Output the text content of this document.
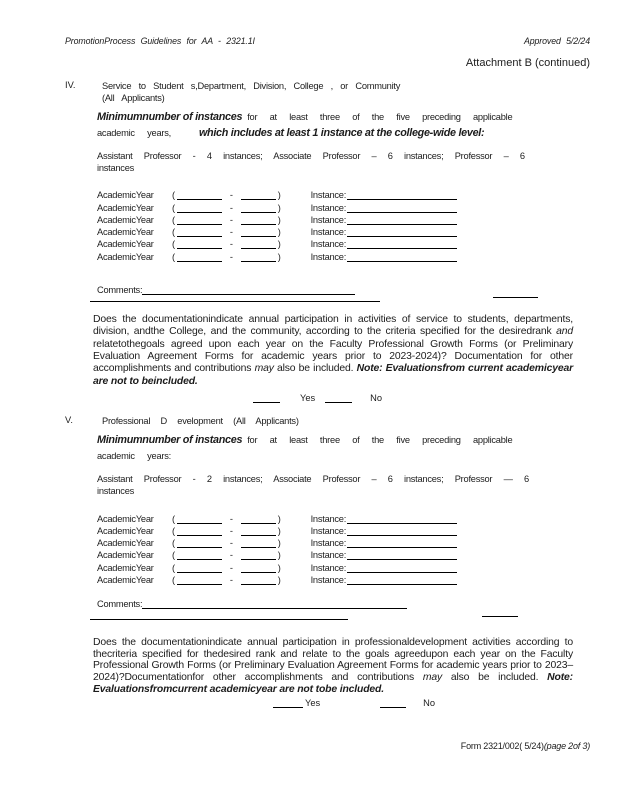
PromotionProcess Guidelines for AA - 2321.1I	Approved 5/2/24
Attachment B (continued)
IV.	Service to Student s,Department, Division, College , or Community
(All Applicants)
Minimumnumber of instances for at least three of the five preceding applicable
academic years,	which includes at least 1 instance at the college-wide level:
Assistant Professor - 4 instances; Associate Professor – 6 instances; Professor – 6
instances
AcademicYear	(	-	)	Instance:
AcademicYear	(	-	)	Instance:
AcademicYear	(	-	)	Instance:
AcademicYear	(	-	)	Instance:
AcademicYear	(	-	)	Instance:
AcademicYear	(	-	)	Instance:
Comments:
Does the documentationindicate annual participation in activities of service to students, departments, division, andthe College, and the community, according to the criteria specified for the desiredrank and relatetothegoals agreed upon each year on the Faculty Professional Growth Forms (or Preliminary Evaluation Agreement Forms for academic years prior to 2023-2024)? Documentation for other accomplishments and contributions may also be included. Note: Evaluationsfrom current academicyear are not to beincluded.
Yes	No
V.	Professional D evelopment (All Applicants)
Minimumnumber of instances for at least three of the five preceding applicable
academic years:
Assistant Professor - 2 instances; Associate Professor – 6 instances; Professor — 6
instances
AcademicYear	(	-	)	Instance:
AcademicYear	(	-	)	Instance:
AcademicYear	(	-	)	Instance:
AcademicYear	(	-	)	Instance:
AcademicYear	(	-	)	Instance:
AcademicYear	(	-	)	Instance:
Comments:
Does the documentationindicate annual participation in professionaldevelopment activities according to thecriteria specified for thedesired rank and relate to the goals agreedupon each year on the Faculty Professional Growth Forms (or Preliminary Evaluation Agreement Forms for academic years prior to 2023–2024)?Documentationfor other accomplishments and contributions may also be included. Note: Evaluationsfromcurrent academicyear are not tobe included.
Yes	No
Form 2321/002( 5/24)(page 2of 3)
